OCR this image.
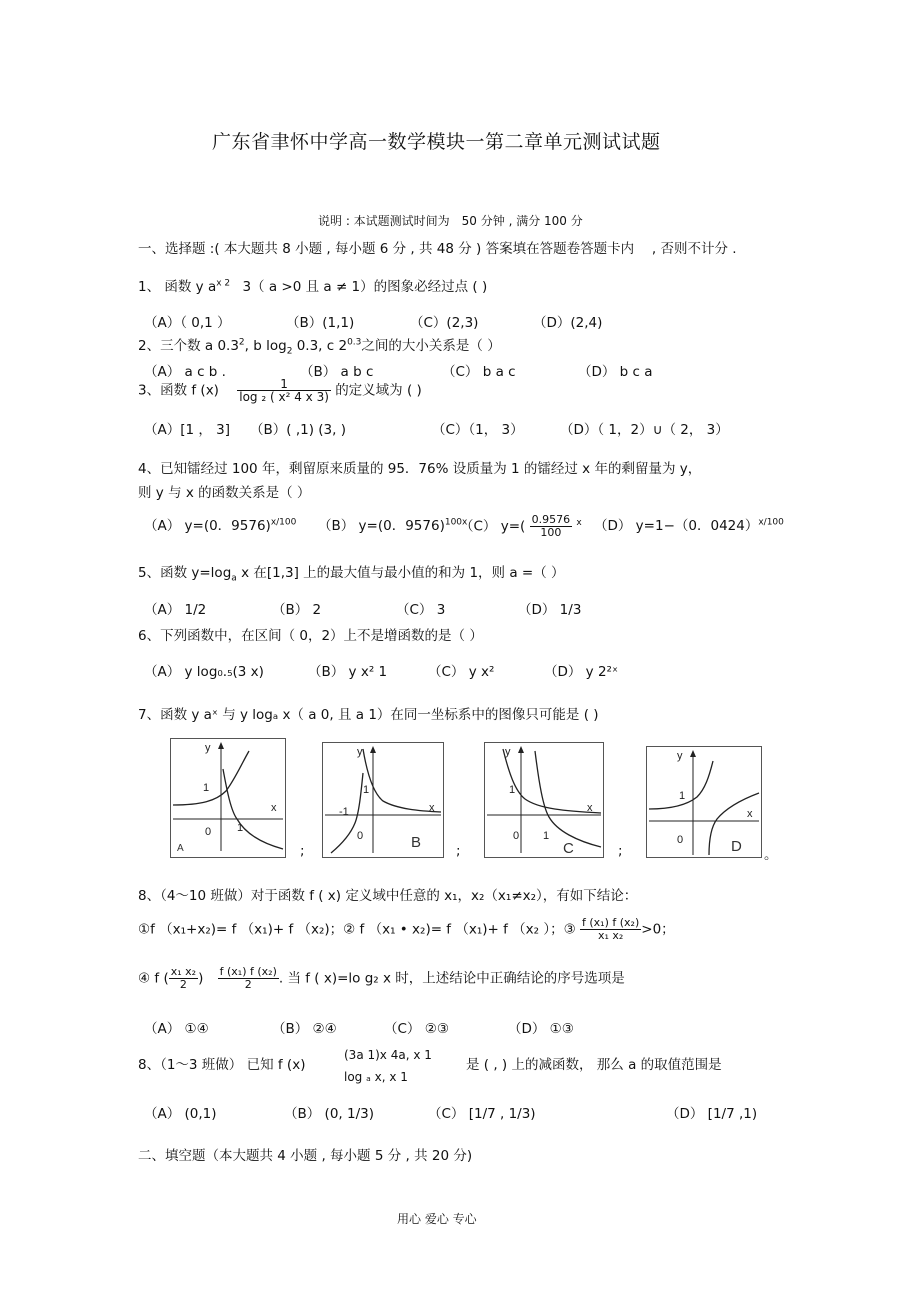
广东省聿怀中学高一数学模块一第二章单元测试试题
说明 : 本试题测试时间为　50 分钟 , 满分 100 分
一、选择题 :( 本大题共 8 小题 , 每小题 6 分 , 共 48 分 ) 答案填在答题卷答题卡内　 , 否则不计分 .
1、 函数 y $a^{x 2}$ 3（ a >0 且 a ≠ 1）的图象必经过点 ( )
（A）（ 0,1 ）	（B）(1,1)	（C）(2,3)	（D）(2,4)
2、三个数 a $0.3^2$, b $\log_2 0.3$, c $2^{0.3}$之间的大小关系是（ ）
（A） a c b .	（B） a b c	（C） b a c	（D） b c a
3、函数 f $(x) \frac{1}{\text{log ₂ ( x² 4 x 3)}}$ 的定义域为 ( )
（A）[1 ， 3] （B）( ,1) (3, )	（C）（1， 3）	（D）（ 1，2）∪（ 2， 3）
4、已知镭经过 100 年，剩留原来质量的 95．76% 设质量为 1 的镭经过 x 年的剩留量为 y，
则 y 与 x 的函数关系是（ ）
（A） y=(0．9576)$^{x/100}$ （B） y=(0．9576)$^{100x}$
（C） $y=( \frac{0.9576}{100} ^x$ （D） y=1−（0．0424）$^{x/100}$
5、函数 $y=\log_a$ x 在[1,3] 上的最大值与最小值的和为 1，则 a =（ ）
（A） 1/2	（B） 2	（C） 3	（D） 1/3
6、下列函数中，在区间（ 0，2）上不是增函数的是（ ）
（A） y log₀.₅(3 x)	（B） y x² 1	（C） y x²	（D） y 2²ˣ
7、函数 y aˣ 与 y logₐ x（ a 0, 且 a 1）在同一坐标系中的图像只可能是 ( )
y
x
1
0 1
A	;
y
x
1
-1
0	B	;
y
x
1
0 1
C	;
y
x
1
0	D 。
8、（4～10 班做）对于函数 f ( x) 定义域中任意的 x₁，x₂（x₁≠x₂），有如下结论：
①f （x₁+x₂)= f （x₁)+ f （x₂)；② f （x₁ • x₂)= f （x₁)+ f （x₂ ）；③ $\frac{\text{f (x₁) f (x₂)}}{\text{x₁ x₂}} >0$；
④ f ( $\frac{\text{x₁ x₂}}{2}$ ) $\frac{\text{f (x₁) f (x₂)}}{2}$ . 当 f ( x)=lo g₂ x 时，上述结论中正确结论的序号选项是
（A） ①④	（B） ②④	（C） ②③	（D） ①③
8、（1～3 班做） 已知 f (x)
(3a 1)x 4a, x 1
log ₐ x, x 1
是 ( , ) 上的减函数， 那么 a 的取值范围是
（A） (0,1)	（B） (0, 1/3)	（C） [1/7 , 1/3)	（D） [1/7 ,1)
二、填空题（本大题共 4 小题 , 每小题 5 分 , 共 20 分)
用心 爱心 专心
